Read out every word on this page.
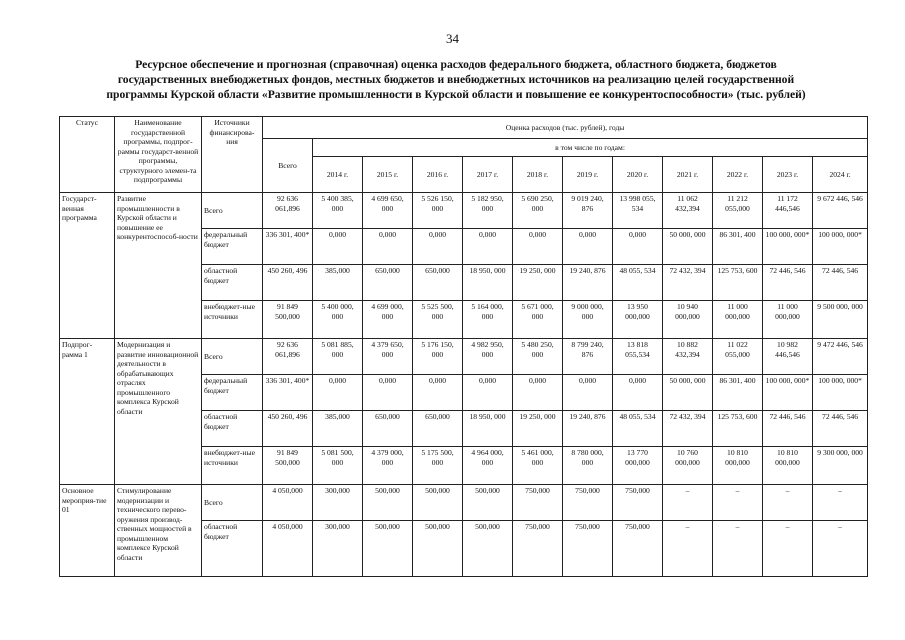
34
Ресурсное обеспечение и прогнозная (справочная) оценка расходов федерального бюджета, областного бюджета, бюджетов
государственных внебюджетных фондов, местных бюджетов и внебюджетных источников на реализацию целей государственной
программы Курской области «Развитие промышленности в Курской области и повышение ее конкурентоспособности» (тыс. рублей)
Статус	Наименование государственной программы, подпрог-раммы государст-венной программы, структурного элемен-та подпрограммы	Источники финансирова-ния	Оценка расходов (тыс. рублей), годы											
			Всего	в том числе по годам:										
				2014 г.	2015 г.	2016 г.	2017 г.	2018 г.	2019 г.	2020 г.	2021 г.	2022 г.	2023 г.	2024 г.
Государст-венная программа	Развитие промышленности в Курской области и повышение ее конкурентоспособ-ности	Всего	92 636 061,896	5 400 385, 000	4 699 650, 000	5 526 150, 000	5 182 950, 000	5 690 250, 000	9 019 240, 876	13 998 055, 534	11 062 432,394	11 212 055,000	11 172 446,546	9 672 446, 546
		федеральный бюджет	336 301, 400*	0,000	0,000	0,000	0,000	0,000	0,000	0,000	50 000, 000	86 301, 400	100 000, 000*	100 000, 000*
		областной бюджет	450 260, 496	385,000	650,000	650,000	18 950, 000	19 250, 000	19 240, 876	48 055, 534	72 432, 394	125 753, 600	72 446, 546	72 446, 546
		внебюджет-ные источники	91 849 500,000	5 400 000, 000	4 699 000, 000	5 525 500, 000	5 164 000, 000	5 671 000, 000	9 000 000, 000	13 950 000,000	10 940 000,000	11 000 000,000	11 000 000,000	9 500 000, 000
Подпрог-рамма 1	Модернизация и развитие инновационной деятельности в обрабатывающих отраслях промышленного комплекса Курской области	Всего	92 636 061,896	5 081 885, 000	4 379 650, 000	5 176 150, 000	4 982 950, 000	5 480 250, 000	8 799 240, 876	13 818 055,534	10 882 432,394	11 022 055,000	10 982 446,546	9 472 446, 546
		федеральный бюджет	336 301, 400*	0,000	0,000	0,000	0,000	0,000	0,000	0,000	50 000, 000	86 301, 400	100 000, 000*	100 000, 000*
		областной бюджет	450 260, 496	385,000	650,000	650,000	18 950, 000	19 250, 000	19 240, 876	48 055, 534	72 432, 394	125 753, 600	72 446, 546	72 446, 546
		внебюджет-ные источники	91 849 500,000	5 081 500, 000	4 379 000, 000	5 175 500, 000	4 964 000, 000	5 461 000, 000	8 780 000, 000	13 770 000,000	10 760 000,000	10 810 000,000	10 810 000,000	9 300 000, 000
Основное мероприя-тие 01	Стимулирование модернизации и технического перево-оружения производ-ственных мощностей в промышленном комплексе Курской области	Всего	4 050,000	300,000	500,000	500,000	500,000	750,000	750,000	750,000	–	–	–	–
		областной бюджет	4 050,000	300,000	500,000	500,000	500,000	750,000	750,000	750,000	–	–	–	–
